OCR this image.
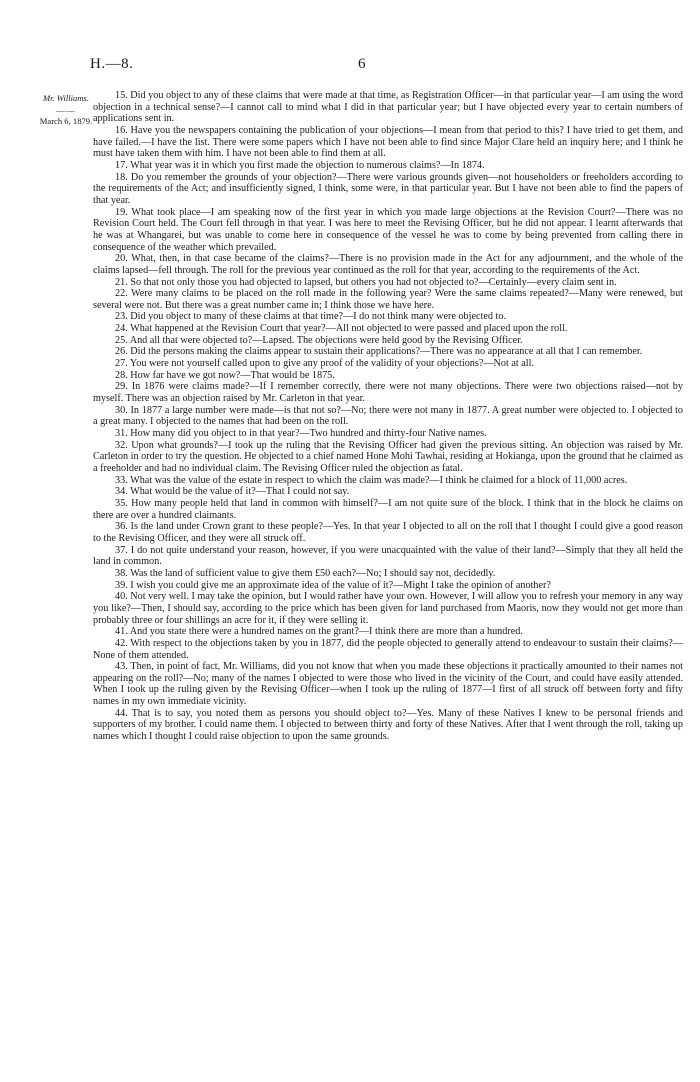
H.—8.	6
Mr. Williams.
——
March 6, 1879.

15. Did you object to any of these claims that were made at that time, as Registration Officer—in that particular year—I am using the word objection in a technical sense?—I cannot call to mind what I did in that particular year; but I have objected every year to certain numbers of applications sent in.

16. Have you the newspapers containing the publication of your objections—I mean from that period to this? I have tried to get them, and have failed.—I have the list. There were some papers which I have not been able to find since Major Clare held an inquiry here; and I think he must have taken them with him. I have not been able to find them at all.

17. What year was it in which you first made the objection to numerous claims?—In 1874.

18. Do you remember the grounds of your objection?—There were various grounds given—not householders or freeholders according to the requirements of the Act; and insufficiently signed, I think, some were, in that particular year. But I have not been able to find the papers of that year.

19. What took place—I am speaking now of the first year in which you made large objections at the Revision Court?—There was no Revision Court held. The Court fell through in that year. I was here to meet the Revising Officer, but he did not appear. I learnt afterwards that he was at Whangarei, but was unable to come here in consequence of the vessel he was to come by being prevented from calling there in consequence of the weather which prevailed.

20. What, then, in that case became of the claims?—There is no provision made in the Act for any adjournment, and the whole of the claims lapsed—fell through. The roll for the previous year continued as the roll for that year, according to the requirements of the Act.

21. So that not only those you had objected to lapsed, but others you had not objected to?—Certainly—every claim sent in.

22. Were many claims to be placed on the roll made in the following year? Were the same claims repeated?—Many were renewed, but several were not. But there was a great number came in; I think those we have here.

23. Did you object to many of these claims at that time?—I do not think many were objected to.

24. What happened at the Revision Court that year?—All not objected to were passed and placed upon the roll.

25. And all that were objected to?—Lapsed. The objections were held good by the Revising Officer.

26. Did the persons making the claims appear to sustain their applications?—There was no appearance at all that I can remember.

27. You were not yourself called upon to give any proof of the validity of your objections?—Not at all.

28. How far have we got now?—That would be 1875.

29. In 1876 were claims made?—If I remember correctly, there were not many objections. There were two objections raised—not by myself. There was an objection raised by Mr. Carleton in that year.

30. In 1877 a large number were made—is that not so?—No; there were not many in 1877. A great number were objected to. I objected to a great many. I objected to the names that had been on the roll.

31. How many did you object to in that year?—Two hundred and thirty-four Native names.

32. Upon what grounds?—I took up the ruling that the Revising Officer had given the previous sitting. An objection was raised by Mr. Carleton in order to try the question. He objected to a chief named Hone Mohi Tawhai, residing at Hokianga, upon the ground that he claimed as a freeholder and had no individual claim. The Revising Officer ruled the objection as fatal.

33. What was the value of the estate in respect to which the claim was made?—I think he claimed for a block of 11,000 acres.

34. What would be the value of it?—That I could not say.

35. How many people held that land in common with himself?—I am not quite sure of the block. I think that in the block he claims on there are over a hundred claimants.

36. Is the land under Crown grant to these people?—Yes. In that year I objected to all on the roll that I thought I could give a good reason to the Revising Officer, and they were all struck off.

37. I do not quite understand your reason, however, if you were unacquainted with the value of their land?—Simply that they all held the land in common.

38. Was the land of sufficient value to give them £50 each?—No; I should say not, decidedly.

39. I wish you could give me an approximate idea of the value of it?—Might I take the opinion of another?

40. Not very well. I may take the opinion, but I would rather have your own. However, I will allow you to refresh your memory in any way you like?—Then, I should say, according to the price which has been given for land purchased from Maoris, now they would not get more than probably three or four shillings an acre for it, if they were selling it.

41. And you state there were a hundred names on the grant?—I think there are more than a hundred.

42. With respect to the objections taken by you in 1877, did the people objected to generally attend to endeavour to sustain their claims?—None of them attended.

43. Then, in point of fact, Mr. Williams, did you not know that when you made these objections it practically amounted to their names not appearing on the roll?—No; many of the names I objected to were those who lived in the vicinity of the Court, and could have easily attended. When I took up the ruling given by the Revising Officer—when I took up the ruling of 1877—I first of all struck off between forty and fifty names in my own immediate vicinity.

44. That is to say, you noted them as persons you should object to?—Yes. Many of these Natives I knew to be personal friends and supporters of my brother. I could name them. I objected to between thirty and forty of these Natives. After that I went through the roll, taking up names which I thought I could raise objection to upon the same grounds.
